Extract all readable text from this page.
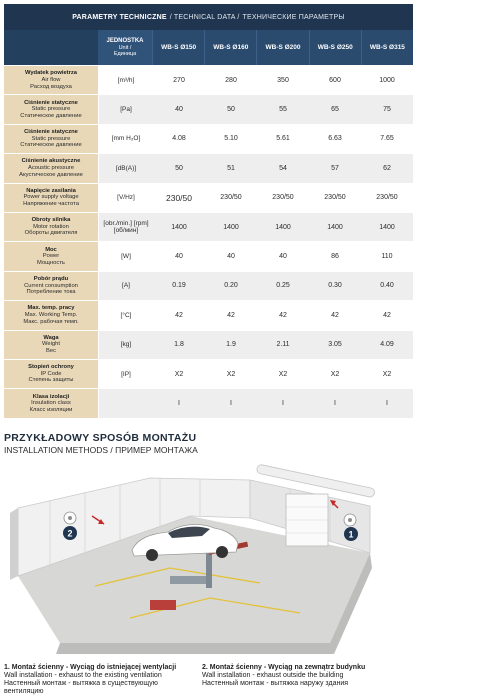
PARAMETRY TECHNICZNE / TECHNICAL DATA / ТЕХНИЧЕСКИЕ ПАРАМЕТРЫ
JEDNOSTKA
Unit /
Единица
WB-S Ø150	WB-S Ø160	WB-S Ø200	WB-S Ø250	WB-S Ø315
Wydatek powietrza
Air flow
Расход воздуха
[m³/h]	270	280	350	600	1000
Ciśnienie statyczne
Static pressure
Статическое давление
[Pa]	40	50	55	65	75
Ciśnienie statyczne
Static pressure
Статическое давление
[mm H₂O]	4.08	5.10	5.61	6.63	7.65
Ciśnienie akustyczne
Acoustic pressure
Акустическое давление
[dB(A)]	50	51	54	57	62
Napięcie zasilania
Power supply voltage
Напряжение частота
[V/Hz]	230/50	230/50	230/50	230/50	230/50
Obroty silnika
Motor rotation
Обороты двигателя
[obr./min.] [rpm] [об/мин]	1400	1400	1400	1400	1400
Moc
Power
Мощность
[W]	40	40	40	86	110
Pobór prądu
Current consumption
Потребление тока
[A]	0.19	0.20	0.25	0.30	0.40
Max. temp. pracy
Max. Working Temp.
Макс. рабочая темп.
[°C]	42	42	42	42	42
Waga
Weight
Вес
[kg]	1.8	1.9	2.11	3.05	4.09
Stopień ochrony
IP Code
Степень защиты
[IP]	X2	X2	X2	X2	X2
Klasa izolacji
Insulation class
Класс изоляции
I	I	I	I	I
PRZYKŁADOWY SPOSÓB MONTAŻU
INSTALLATION METHODS / ПРИМЕР МОНТАЖА
2	1
1. Montaż ścienny - Wyciąg do istniejącej wentylacji
Wall installation - exhaust to the existing ventilation
Настенный монтаж - вытяжка в существующую вентиляцию
2. Montaż ścienny - Wyciąg na zewnątrz budynku
Wall installation - exhaust outside the building
Настенный монтаж - вытяжка наружу здания
